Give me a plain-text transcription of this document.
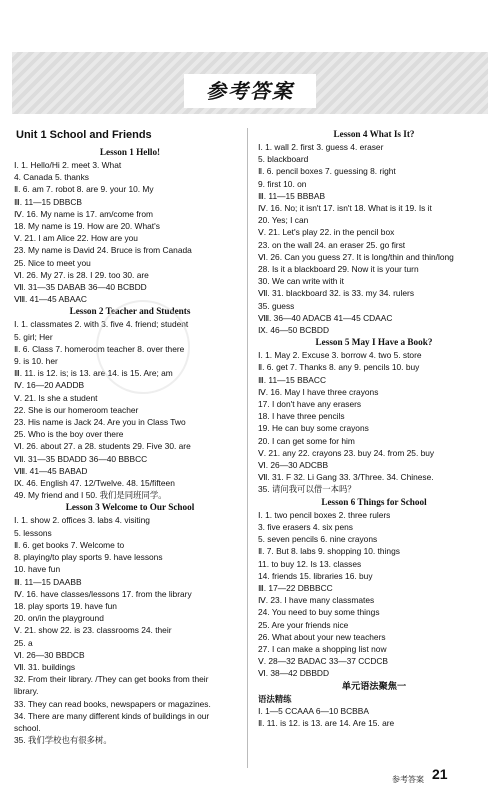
参考答案
Unit 1 School and Friends
Lesson 1 Hello!
Ⅰ. 1. Hello/Hi 2. meet 3. What
4. Canada 5. thanks
Ⅱ. 6. am 7. robot 8. are 9. your 10. My
Ⅲ. 11—15 DBBCB
Ⅳ. 16. My name is 17. am/come from
18. My name is 19. How are 20. What's
Ⅴ. 21. I am Alice 22. How are you
23. My name is David 24. Bruce is from Canada
25. Nice to meet you
Ⅵ. 26. My 27. is 28. I 29. too 30. are
Ⅶ. 31—35 DABAB 36—40 BCBDD
Ⅷ. 41—45 ABAAC
Lesson 2 Teacher and Students
Ⅰ. 1. classmates 2. with 3. five 4. friend; student
5. girl; Her
Ⅱ. 6. Class 7. homeroom teacher 8. over there
9. is 10. her
Ⅲ. 11. is 12. is; is 13. are 14. is 15. Are; am
Ⅳ. 16—20 AADDB
Ⅴ. 21. Is she a student
22. She is our homeroom teacher
23. His name is Jack 24. Are you in Class Two
25. Who is the boy over there
Ⅵ. 26. about 27. a 28. students 29. Five 30. are
Ⅶ. 31—35 BDADD 36—40 BBBCC
Ⅷ. 41—45 BABAD
Ⅸ. 46. English 47. 12/Twelve. 48. 15/fifteen
49. My friend and I 50. 我们是同班同学。
Lesson 3 Welcome to Our School
Ⅰ. 1. show 2. offices 3. labs 4. visiting
5. lessons
Ⅱ. 6. get books 7. Welcome to
8. playing/to play sports 9. have lessons
10. have fun
Ⅲ. 11—15 DAABB
Ⅳ. 16. have classes/lessons 17. from the library
18. play sports 19. have fun
20. on/in the playground
Ⅴ. 21. show 22. is 23. classrooms 24. their
25. a
Ⅵ. 26—30 BBDCB
Ⅶ. 31. buildings
32. From their library. /They can get books from their
library.
33. They can read books, newspapers or magazines.
34. There are many different kinds of buildings in our
school.
35. 我们学校也有很多树。
Lesson 4 What Is It?
Ⅰ. 1. wall 2. first 3. guess 4. eraser
5. blackboard
Ⅱ. 6. pencil boxes 7. guessing 8. right
9. first 10. on
Ⅲ. 11—15 BBBAB
Ⅳ. 16. No; it isn't 17. isn't 18. What is it 19. Is it
20. Yes; I can
Ⅴ. 21. Let's play 22. in the pencil box
23. on the wall 24. an eraser 25. go first
Ⅵ. 26. Can you guess 27. It is long/thin and thin/long
28. Is it a blackboard 29. Now it is your turn
30. We can write with it
Ⅶ. 31. blackboard 32. is 33. my 34. rulers
35. guess
Ⅷ. 36—40 ADACB 41—45 CDAAC
Ⅸ. 46—50 BCBDD
Lesson 5 May I Have a Book?
Ⅰ. 1. May 2. Excuse 3. borrow 4. two 5. store
Ⅱ. 6. get 7. Thanks 8. any 9. pencils 10. buy
Ⅲ. 11—15 BBACC
Ⅳ. 16. May I have three crayons
17. I don't have any erasers
18. I have three pencils
19. He can buy some crayons
20. I can get some for him
Ⅴ. 21. any 22. crayons 23. buy 24. from 25. buy
Ⅵ. 26—30 ADCBB
Ⅶ. 31. F 32. Li Gang 33. 3/Three. 34. Chinese.
35. 请问我可以借一本吗？
Lesson 6 Things for School
Ⅰ. 1. two pencil boxes 2. three rulers
3. five erasers 4. six pens
5. seven pencils 6. nine crayons
Ⅱ. 7. But 8. labs 9. shopping 10. things
11. to buy 12. Is 13. classes
14. friends 15. libraries 16. buy
Ⅲ. 17—22 DBBBCC
Ⅳ. 23. I have many classmates
24. You need to buy some things
25. Are your friends nice
26. What about your new teachers
27. I can make a shopping list now
Ⅴ. 28—32 BADAC 33—37 CCDCB
Ⅵ. 38—42 DBBDD
单元语法聚焦一
语法精练
Ⅰ. 1—5 CCAAA 6—10 BCBBA
Ⅱ. 11. is 12. is 13. are 14. Are 15. are
参考答案 21
